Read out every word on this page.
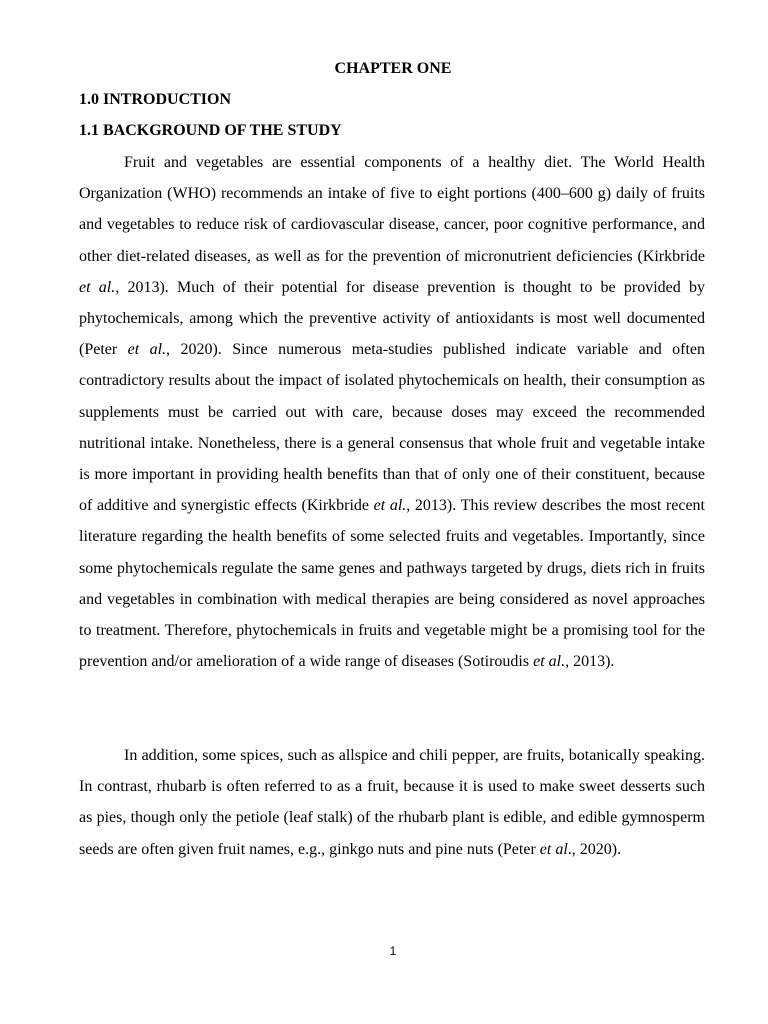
CHAPTER ONE
1.0 INTRODUCTION
1.1 BACKGROUND OF THE STUDY

Fruit and vegetables are essential components of a healthy diet. The World Health Organization (WHO) recommends an intake of five to eight portions (400–600 g) daily of fruits and vegetables to reduce risk of cardiovascular disease, cancer, poor cognitive performance, and other diet-related diseases, as well as for the prevention of micronutrient deficiencies (Kirkbride et al., 2013). Much of their potential for disease prevention is thought to be provided by phytochemicals, among which the preventive activity of antioxidants is most well documented (Peter et al., 2020). Since numerous meta-studies published indicate variable and often contradictory results about the impact of isolated phytochemicals on health, their consumption as supplements must be carried out with care, because doses may exceed the recommended nutritional intake. Nonetheless, there is a general consensus that whole fruit and vegetable intake is more important in providing health benefits than that of only one of their constituent, because of additive and synergistic effects (Kirkbride et al., 2013). This review describes the most recent literature regarding the health benefits of some selected fruits and vegetables. Importantly, since some phytochemicals regulate the same genes and pathways targeted by drugs, diets rich in fruits and vegetables in combination with medical therapies are being considered as novel approaches to treatment. Therefore, phytochemicals in fruits and vegetable might be a promising tool for the prevention and/or amelioration of a wide range of diseases (Sotiroudis et al., 2013).

In addition, some spices, such as allspice and chili pepper, are fruits, botanically speaking. In contrast, rhubarb is often referred to as a fruit, because it is used to make sweet desserts such as pies, though only the petiole (leaf stalk) of the rhubarb plant is edible, and edible gymnosperm seeds are often given fruit names, e.g., ginkgo nuts and pine nuts (Peter et al., 2020).

1
